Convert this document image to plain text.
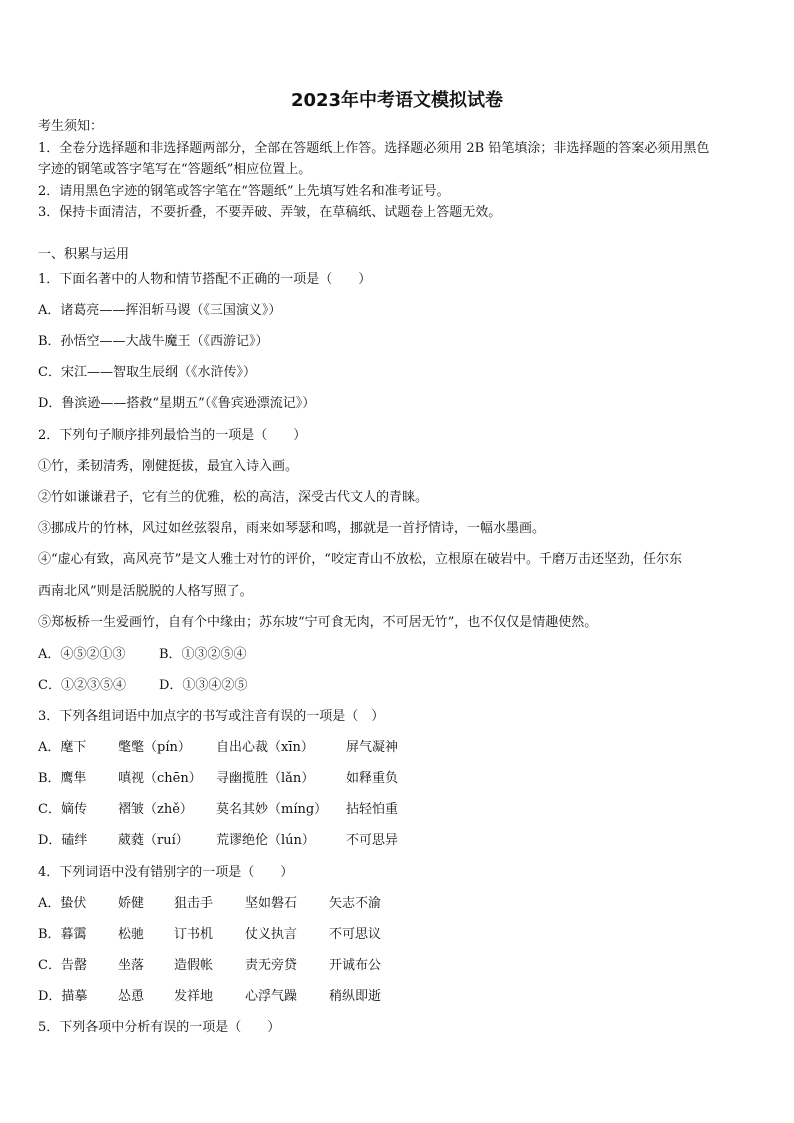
2023年中考语文模拟试卷
考生须知：
1．全卷分选择题和非选择题两部分，全部在答题纸上作答。选择题必须用 2B 铅笔填涂；非选择题的答案必须用黑色
字迹的钢笔或答字笔写在“答题纸”相应位置上。
2．请用黑色字迹的钢笔或答字笔在“答题纸”上先填写姓名和准考证号。
3．保持卡面清洁，不要折叠，不要弄破、弄皱，在草稿纸、试题卷上答题无效。
一、积累与运用
1．下面名著中的人物和情节搭配不正确的一项是（　　）
A．诸葛亮——挥泪斩马谡（《三国演义》）
B．孙悟空——大战牛魔王（《西游记》）
C．宋江——智取生辰纲（《水浒传》）
D．鲁滨逊——搭救“星期五”（《鲁宾逊漂流记》）
2．下列句子顺序排列最恰当的一项是（　　）
①竹，柔韧清秀，刚健挺拔，最宜入诗入画。
②竹如谦谦君子，它有兰的优雅，松的高洁，深受古代文人的青睐。
③挪成片的竹林，风过如丝弦裂帛，雨来如琴瑟和鸣，挪就是一首抒情诗，一幅水墨画。
④“虚心有致，高风亮节”是文人雅士对竹的评价，“咬定青山不放松，立根原在破岩中。千磨万击还坚劲，任尔东
西南北风”则是活脱脱的人格写照了。
⑤郑板桥一生爱画竹，自有个中缘由；苏东坡“宁可食无肉，不可居无竹”，也不仅仅是情趣使然。
A．④⑤②①③	B．①③②⑤④
C．①②③⑤④	D．①③④②⑤
3．下列各组词语中加点字的书写或注音有误的一项是（　）
A．麾下 氅氅（pín） 自出心裁（xīn） 屏气凝神
B．鹰隼 嗔视（chēn） 寻幽揽胜（lǎn） 如释重负
C．嫡传 褶皱（zhě） 莫名其妙（míng） 拈轻怕重
D．磕绊 葳蕤（ruí） 荒谬绝伦（lún） 不可思异
4．下列词语中没有错别字的一项是（　　）
A．蛰伏 娇健 狙击手 坚如磐石 矢志不渝
B．暮霭 松驰 订书机 仗义执言 不可思议
C．告罄 坐落 造假帐 责无旁贷 开诚布公
D．描摹 怂恿 发祥地 心浮气躁 稍纵即逝
5．下列各项中分析有误的一项是（　　）
